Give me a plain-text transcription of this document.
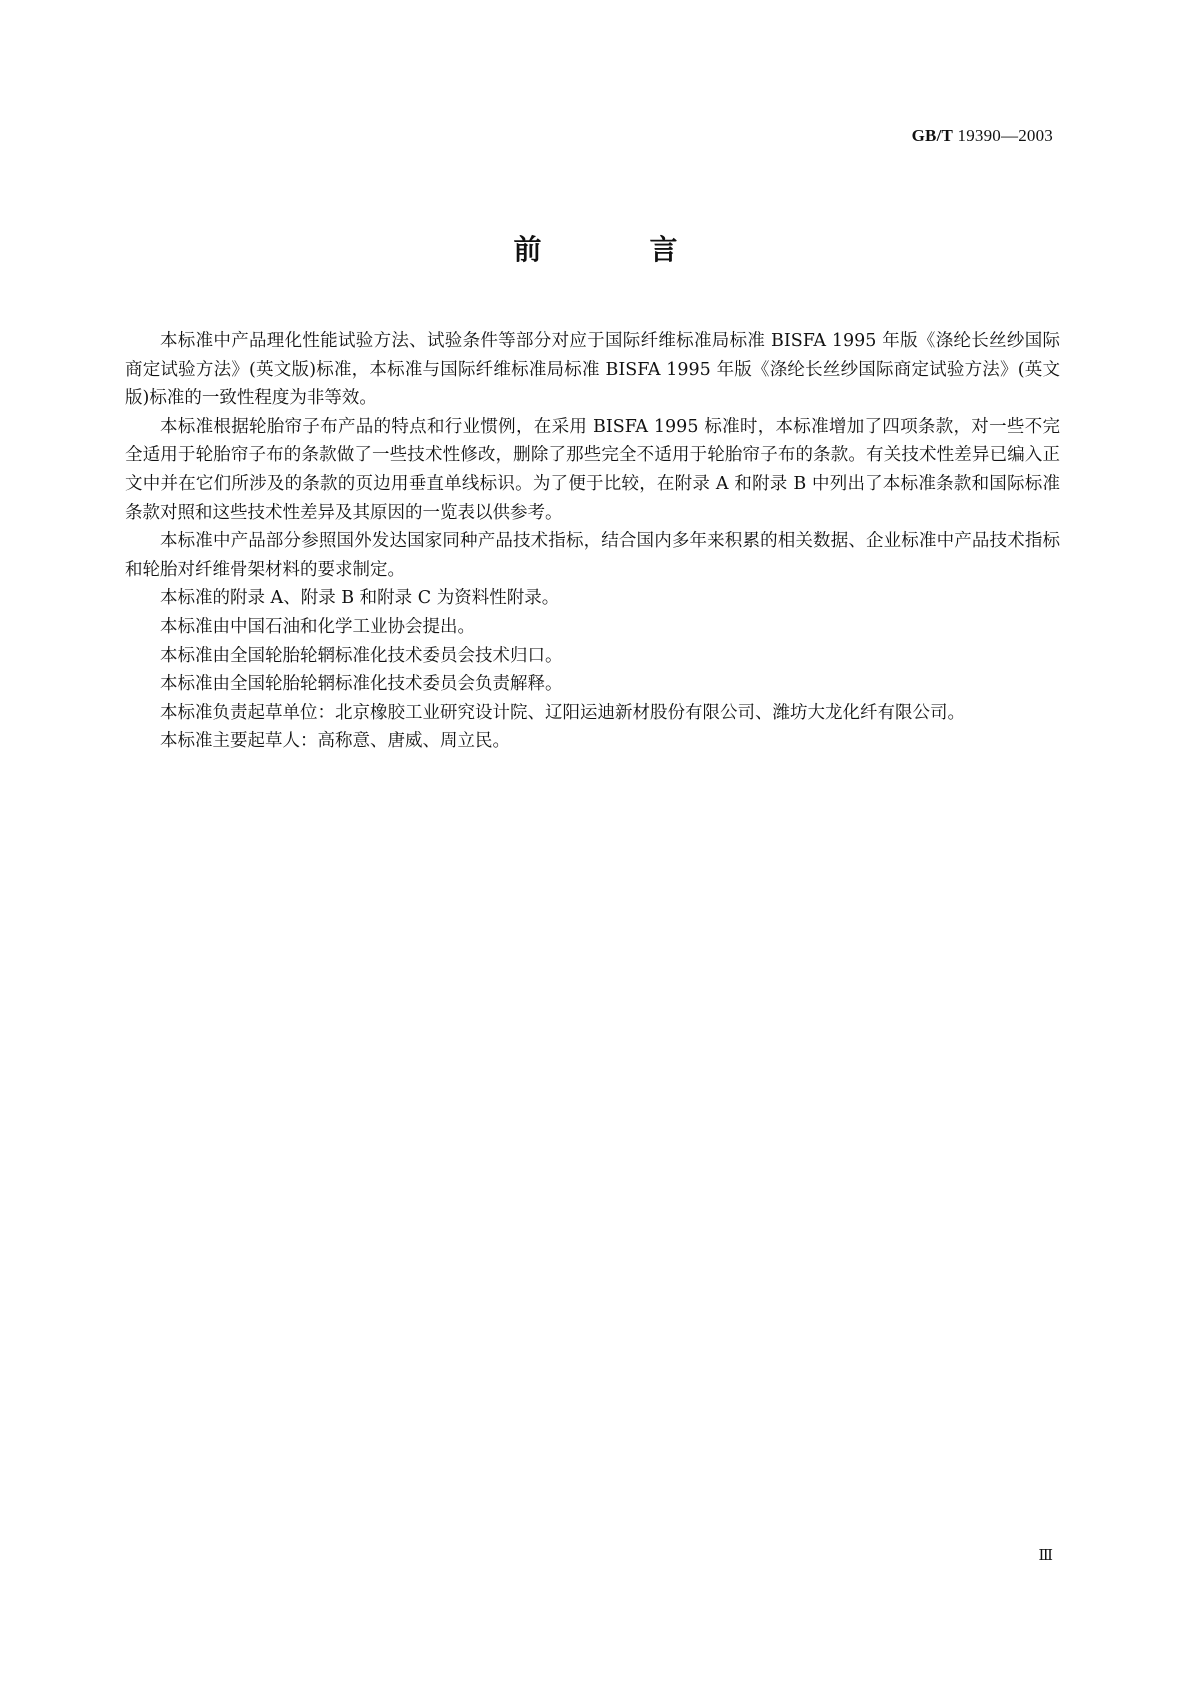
GB/T 19390—2003
前　言

本标准中产品理化性能试验方法、试验条件等部分对应于国际纤维标准局标准 BISFA 1995 年版《涤纶长丝纱国际商定试验方法》(英文版)标准，本标准与国际纤维标准局标准 BISFA 1995 年版《涤纶长丝纱国际商定试验方法》(英文版)标准的一致性程度为非等效。

本标准根据轮胎帘子布产品的特点和行业惯例，在采用 BISFA 1995 标准时，本标准增加了四项条款，对一些不完全适用于轮胎帘子布的条款做了一些技术性修改，删除了那些完全不适用于轮胎帘子布的条款。有关技术性差异已编入正文中并在它们所涉及的条款的页边用垂直单线标识。为了便于比较，在附录 A 和附录 B 中列出了本标准条款和国际标准条款对照和这些技术性差异及其原因的一览表以供参考。

本标准中产品部分参照国外发达国家同种产品技术指标，结合国内多年来积累的相关数据、企业标准中产品技术指标和轮胎对纤维骨架材料的要求制定。

本标准的附录 A、附录 B 和附录 C 为资料性附录。

本标准由中国石油和化学工业协会提出。

本标准由全国轮胎轮辋标准化技术委员会技术归口。

本标准由全国轮胎轮辋标准化技术委员会负责解释。

本标准负责起草单位：北京橡胶工业研究设计院、辽阳运迪新材股份有限公司、潍坊大龙化纤有限公司。

本标准主要起草人：高称意、唐威、周立民。

Ⅲ
